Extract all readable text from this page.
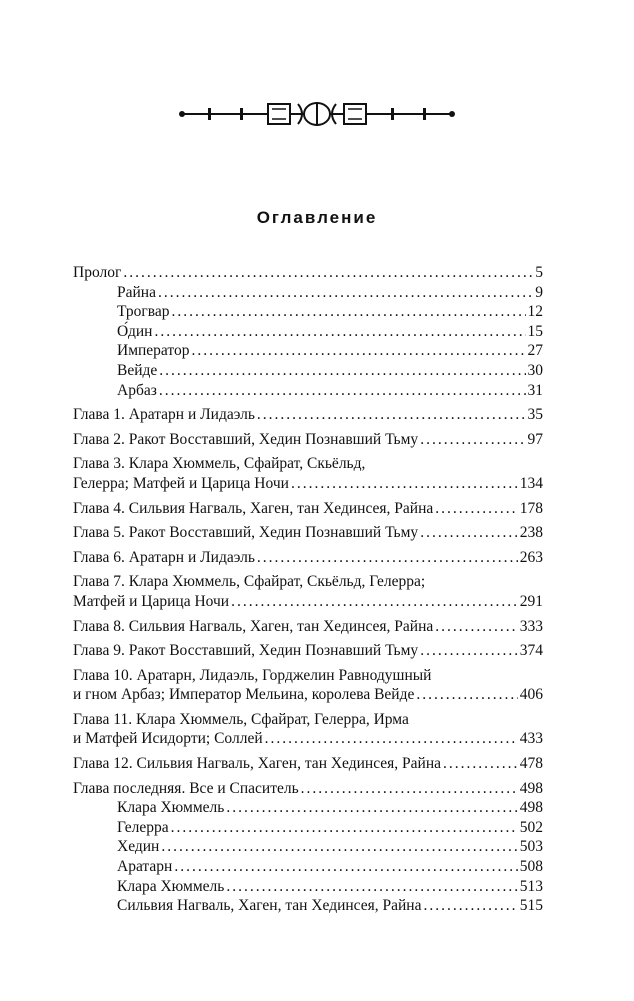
Оглавление
Пролог .....	5
Райна .....	9
Трогвар .....	12
О́дин .....	15
Император .....	27
Вейде .....	30
Арбаз .....	31
Глава 1. Аратарн и Лидаэль .....	35
Глава 2. Ракот Восставший, Хедин Познавший Тьму .....	97
Глава 3. Клара Хюммель, Сфайрат, Скьёльд,
Гелерра; Матфей и Царица Ночи .....	134
Глава 4. Сильвия Нагваль, Хаген, тан Хединсея, Райна .....	178
Глава 5. Ракот Восставший, Хедин Познавший Тьму .....	238
Глава 6. Аратарн и Лидаэль .....	263
Глава 7. Клара Хюммель, Сфайрат, Скьёльд, Гелерра;
Матфей и Царица Ночи .....	291
Глава 8. Сильвия Нагваль, Хаген, тан Хединсея, Райна .....	333
Глава 9. Ракот Восставший, Хедин Познавший Тьму .....	374
Глава 10. Аратарн, Лидаэль, Горджелин Равнодушный
и гном Арбаз; Император Мельина, королева Вейде .....	406
Глава 11. Клара Хюммель, Сфайрат, Гелерра, Ирма
и Матфей Исидорти; Соллей .....	433
Глава 12. Сильвия Нагваль, Хаген, тан Хединсея, Райна .....	478
Глава последняя. Все и Спаситель .....	498
Клара Хюммель .....	498
Гелерра .....	502
Хедин .....	503
Аратарн .....	508
Клара Хюммель .....	513
Сильвия Нагваль, Хаген, тан Хединсея, Райна .....	515
